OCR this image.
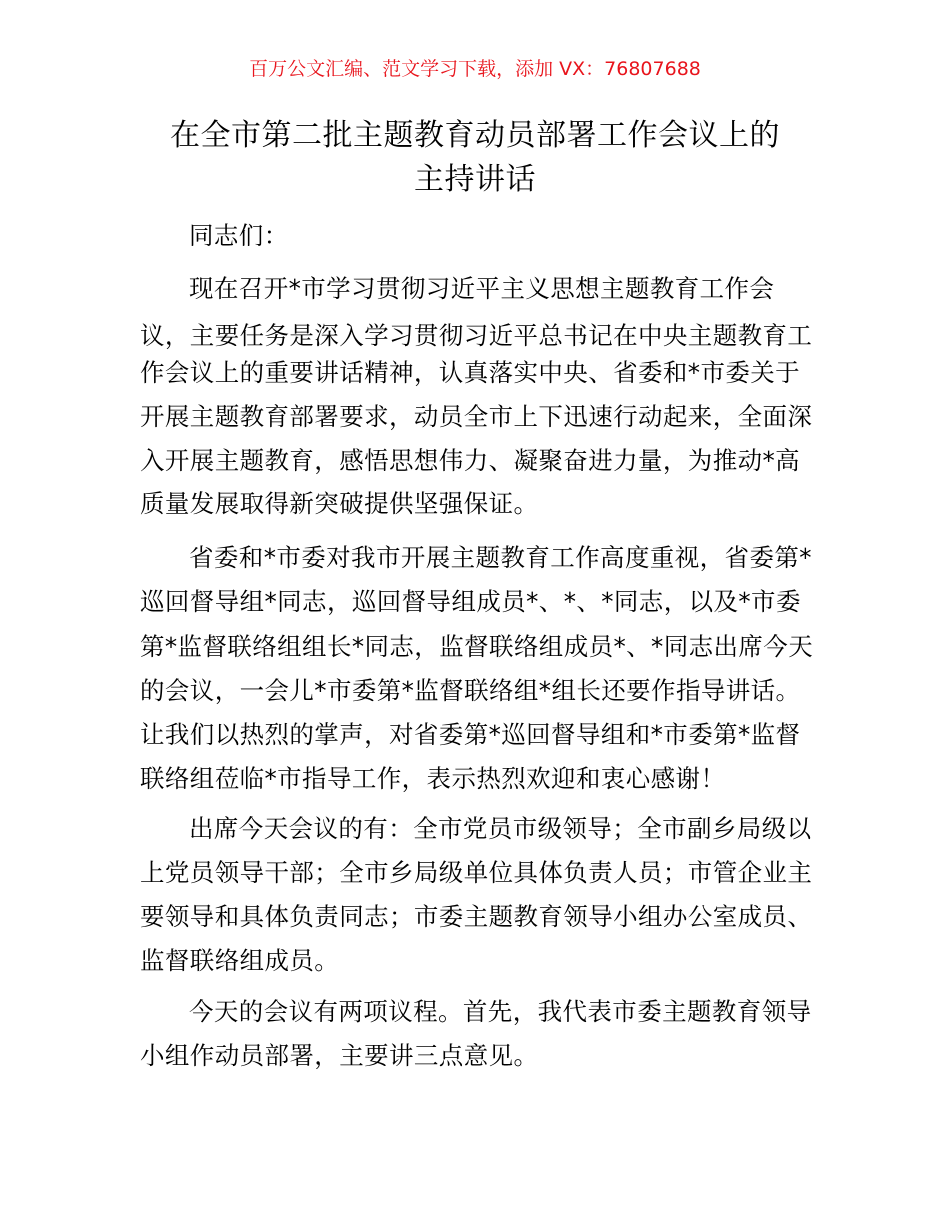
百万公文汇编、范文学习下载，添加 VX：76807688
在全市第二批主题教育动员部署工作会议上的
主持讲话
同志们：
现在召开*市学习贯彻习近平主义思想主题教育工作会
议，主要任务是深入学习贯彻习近平总书记在中央主题教育工
作会议上的重要讲话精神，认真落实中央、省委和*市委关于
开展主题教育部署要求，动员全市上下迅速行动起来，全面深
入开展主题教育，感悟思想伟力、凝聚奋进力量，为推动*高
质量发展取得新突破提供坚强保证。
省委和*市委对我市开展主题教育工作高度重视，省委第*
巡回督导组*同志，巡回督导组成员*、*、*同志，以及*市委
第*监督联络组组长*同志，监督联络组成员*、*同志出席今天
的会议，一会儿*市委第*监督联络组*组长还要作指导讲话。
让我们以热烈的掌声，对省委第*巡回督导组和*市委第*监督
联络组莅临*市指导工作，表示热烈欢迎和衷心感谢！
出席今天会议的有：全市党员市级领导；全市副乡局级以
上党员领导干部；全市乡局级单位具体负责人员；市管企业主
要领导和具体负责同志；市委主题教育领导小组办公室成员、
监督联络组成员。
今天的会议有两项议程。首先，我代表市委主题教育领导
小组作动员部署，主要讲三点意见。
